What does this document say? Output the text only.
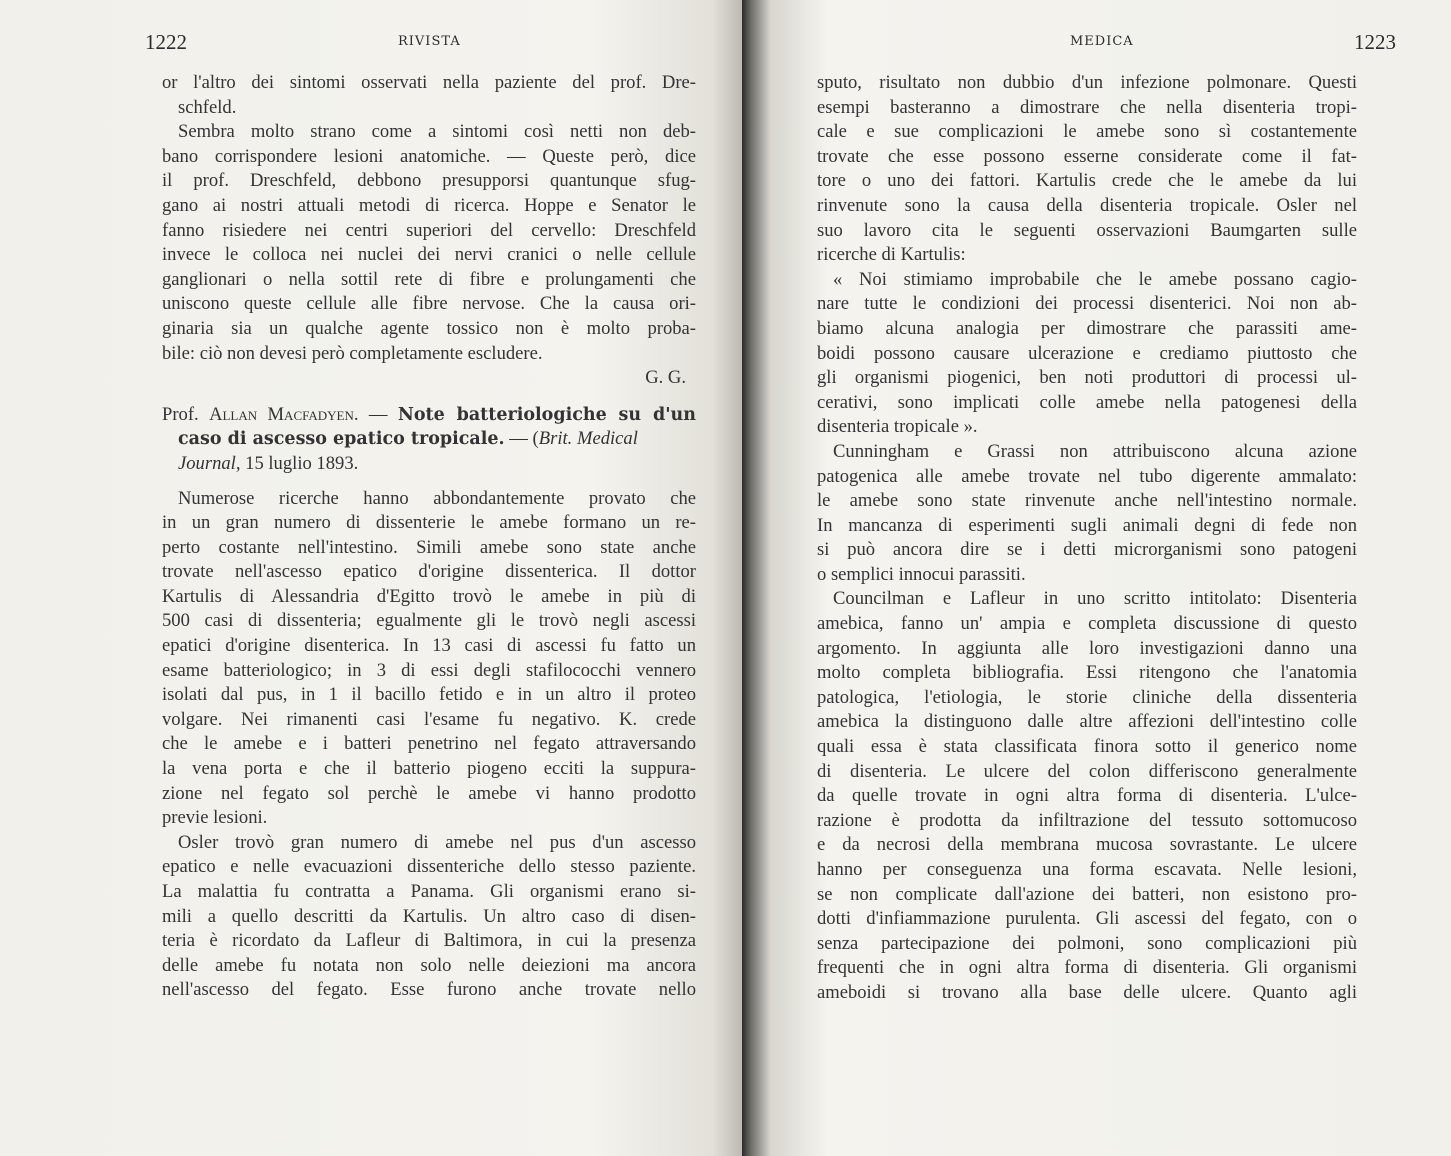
1222	RIVISTA

or l'altro dei sintomi osservati nella paziente del prof. Dre-
schfeld.

Sembra molto strano come a sintomi così netti non deb-
bano corrispondere lesioni anatomiche. — Queste però, dice
il prof. Dreschfeld, debbono presupporsi quantunque sfug-
gano ai nostri attuali metodi di ricerca. Hoppe e Senator le
fanno risiedere nei centri superiori del cervello: Dreschfeld
invece le colloca nei nuclei dei nervi cranici o nelle cellule
ganglionari o nella sottil rete di fibre e prolungamenti che
uniscono queste cellule alle fibre nervose. Che la causa ori-
ginaria sia un qualche agente tossico non è molto proba-
bile: ciò non devesi però completamente escludere.

G. G.
Prof. Allan Macfadyen. — Note batteriologiche su d'un
caso di ascesso epatico tropicale. — (Brit. Medical
Journal, 15 luglio 1893.

Numerose ricerche hanno abbondantemente provato che
in un gran numero di dissenterie le amebe formano un re-
perto costante nell'intestino. Simili amebe sono state anche
trovate nell'ascesso epatico d'origine dissenterica. Il dottor
Kartulis di Alessandria d'Egitto trovò le amebe in più di
500 casi di dissenteria; egualmente gli le trovò negli ascessi
epatici d'origine disenterica. In 13 casi di ascessi fu fatto un
esame batteriologico; in 3 di essi degli stafilococchi vennero
isolati dal pus, in 1 il bacillo fetido e in un altro il proteo
volgare. Nei rimanenti casi l'esame fu negativo. K. crede
che le amebe e i batteri penetrino nel fegato attraversando
la vena porta e che il batterio piogeno ecciti la suppura-
zione nel fegato sol perchè le amebe vi hanno prodotto
previe lesioni.

Osler trovò gran numero di amebe nel pus d'un ascesso
epatico e nelle evacuazioni dissenteriche dello stesso paziente.
La malattia fu contratta a Panama. Gli organismi erano si-
mili a quello descritti da Kartulis. Un altro caso di disen-
teria è ricordato da Lafleur di Baltimora, in cui la presenza
delle amebe fu notata non solo nelle deiezioni ma ancora
nell'ascesso del fegato. Esse furono anche trovate nello

MEDICA	1223

sputo, risultato non dubbio d'un infezione polmonare. Questi
esempi basteranno a dimostrare che nella disenteria tropi-
cale e sue complicazioni le amebe sono sì costantemente
trovate che esse possono esserne considerate come il fat-
tore o uno dei fattori. Kartulis crede che le amebe da lui
rinvenute sono la causa della disenteria tropicale. Osler nel
suo lavoro cita le seguenti osservazioni Baumgarten sulle
ricerche di Kartulis:

« Noi stimiamo improbabile che le amebe possano cagio-
nare tutte le condizioni dei processi disenterici. Noi non ab-
biamo alcuna analogia per dimostrare che parassiti ame-
boidi possono causare ulcerazione e crediamo piuttosto che
gli organismi piogenici, ben noti produttori di processi ul-
cerativi, sono implicati colle amebe nella patogenesi della
disenteria tropicale ».

Cunningham e Grassi non attribuiscono alcuna azione
patogenica alle amebe trovate nel tubo digerente ammalato:
le amebe sono state rinvenute anche nell'intestino normale.
In mancanza di esperimenti sugli animali degni di fede non
si può ancora dire se i detti microrganismi sono patogeni
o semplici innocui parassiti.

Councilman e Lafleur in uno scritto intitolato: Disenteria
amebica, fanno un' ampia e completa discussione di questo
argomento. In aggiunta alle loro investigazioni danno una
molto completa bibliografia. Essi ritengono che l'anatomia
patologica, l'etiologia, le storie cliniche della dissenteria
amebica la distinguono dalle altre affezioni dell'intestino colle
quali essa è stata classificata finora sotto il generico nome
di disenteria. Le ulcere del colon differiscono generalmente
da quelle trovate in ogni altra forma di disenteria. L'ulce-
razione è prodotta da infiltrazione del tessuto sottomucoso
e da necrosi della membrana mucosa sovrastante. Le ulcere
hanno per conseguenza una forma escavata. Nelle lesioni,
se non complicate dall'azione dei batteri, non esistono pro-
dotti d'infiammazione purulenta. Gli ascessi del fegato, con o
senza partecipazione dei polmoni, sono complicazioni più
frequenti che in ogni altra forma di disenteria. Gli organismi
ameboidi si trovano alla base delle ulcere. Quanto agli
